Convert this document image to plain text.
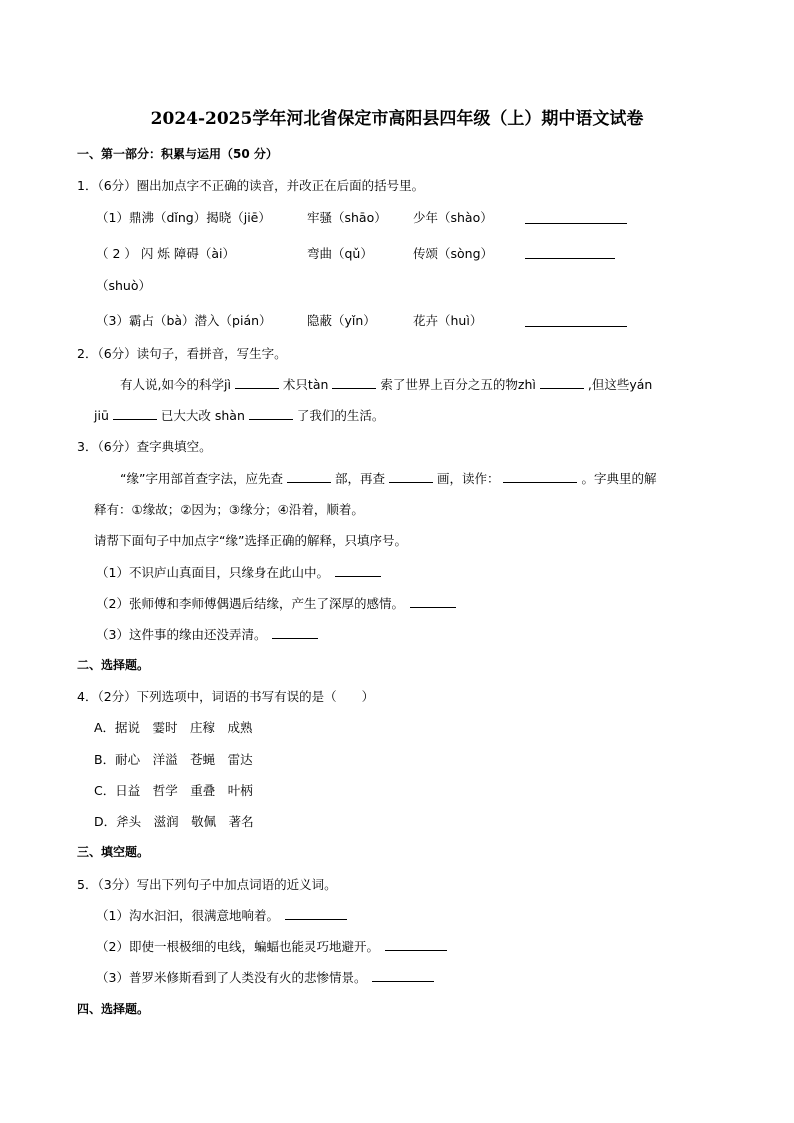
2024-2025学年河北省保定市高阳县四年级（上）期中语文试卷
一、第一部分：积累与运用（50 分）
1．（6分）圈出加点字不正确的读音，并改正在后面的括号里。
（1）鼎沸（dǐng）揭晓（jiē）	牢骚（shāo） 少年（shào）
（ 2 ） 闪 烁 障碍（ài）	弯曲（qǔ）	传颂（sòng）
（shuò）
（3）霸占（bà）潜入（pián）	隐蔽（yǐn）	花卉（huì）
2．（6分）读句子，看拼音，写生字。
有人说,如今的科学jì	术只tàn	索了世界上百分之五的物zhì	,但这些yán
jiū	已大大改 shàn	了我们的生活。
3．（6分）查字典填空。
“缘”字用部首查字法，应先查	部，再查	画，读作：	。字典里的解
释有：①缘故；②因为；③缘分；④沿着，顺着。
请帮下面句子中加点字“缘”选择正确的解释，只填序号。
（1）不识庐山真面目，只缘身在此山中。
（2）张师傅和李师傅偶遇后结缘，产生了深厚的感情。
（3）这件事的缘由还没弄清。
二、选择题。
4．（2分）下列选项中，词语的书写有误的是（　　）
A．据说　霎时　庄稼　成熟
B．耐心　洋溢　苍蝇　雷达
C．日益　哲学　重叠　叶柄
D．斧头　滋润　敬佩　著名
三、填空题。
5．（3分）写出下列句子中加点词语的近义词。
（1）沟水汩汩，很满意地响着。
（2）即使一根极细的电线，蝙蝠也能灵巧地避开。
（3）普罗米修斯看到了人类没有火的悲惨情景。
四、选择题。
